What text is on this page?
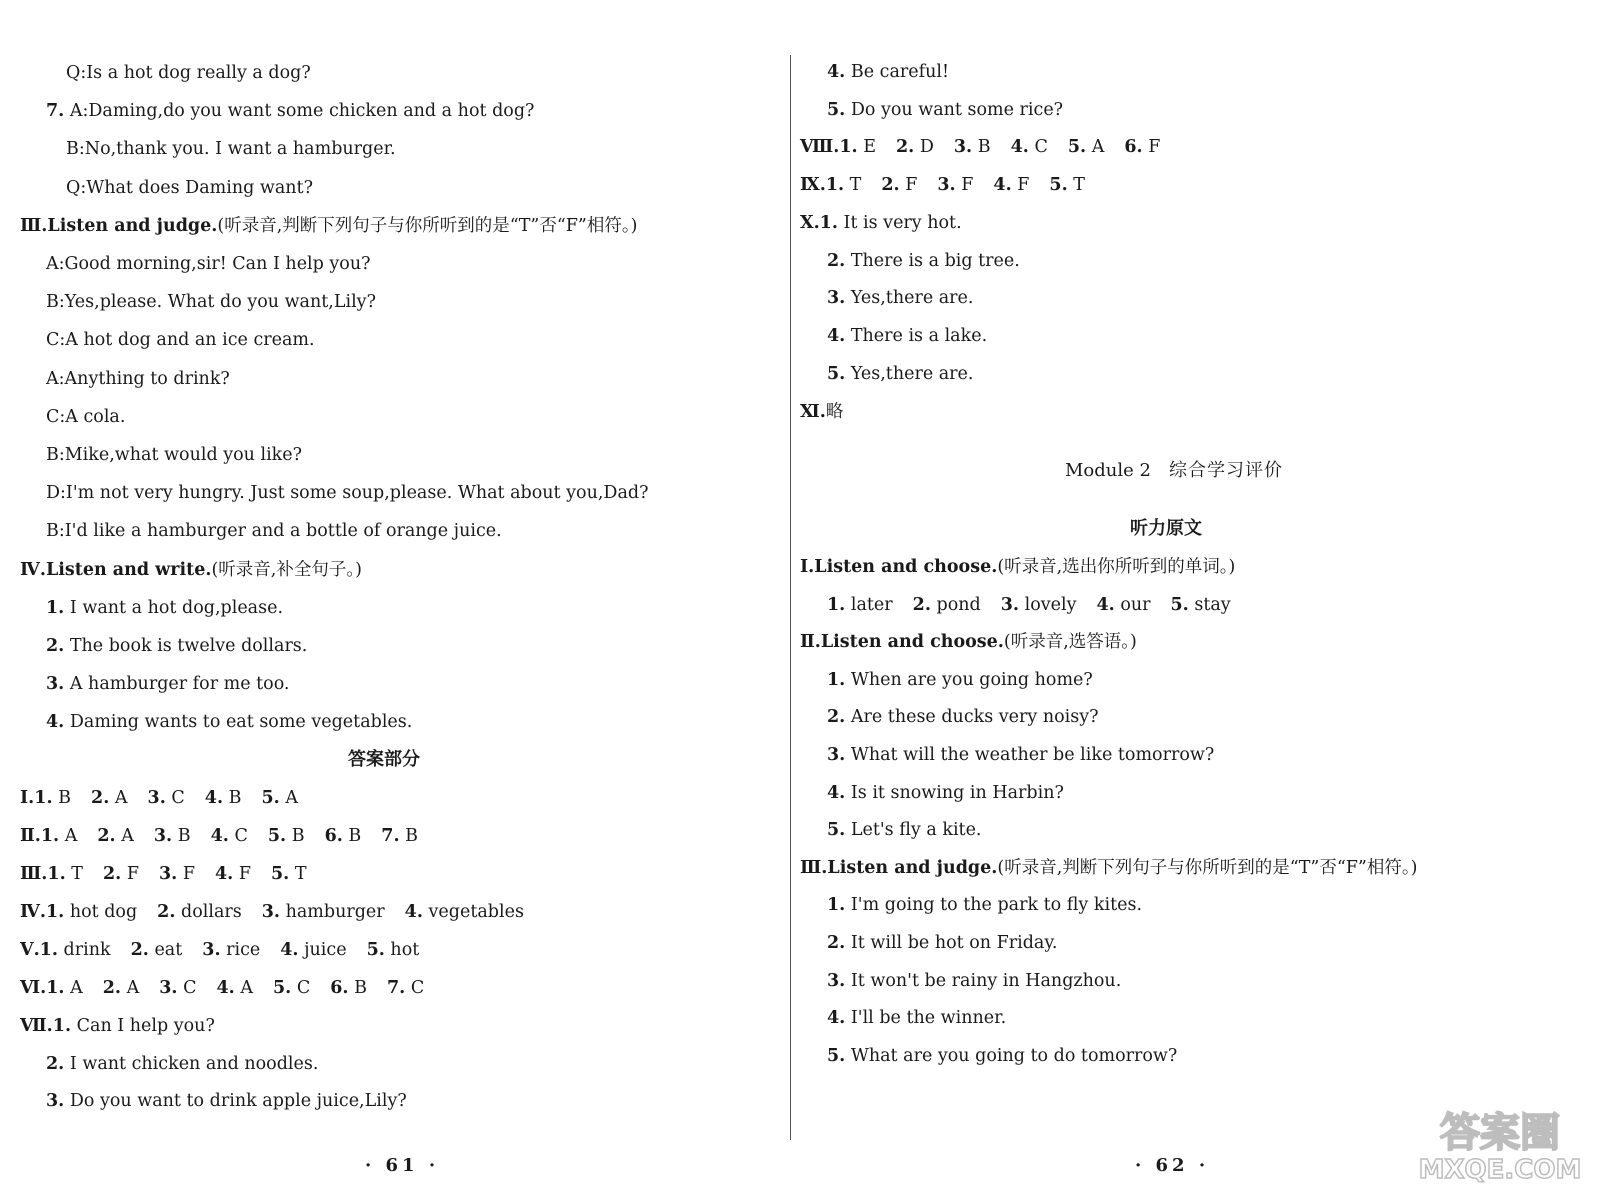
Q:Is a hot dog really a dog?
7. A:Daming,do you want some chicken and a hot dog?
B:No,thank you. I want a hamburger.
Q:What does Daming want?
Ⅲ.Listen and judge.(听录音,判断下列句子与你所听到的是“T”否“F”相符。)
A:Good morning,sir! Can I help you?
B:Yes,please. What do you want,Lily?
C:A hot dog and an ice cream.
A:Anything to drink?
C:A cola.
B:Mike,what would you like?
D:I'm not very hungry. Just some soup,please. What about you,Dad?
B:I'd like a hamburger and a bottle of orange juice.
Ⅳ.Listen and write.(听录音,补全句子。)
1. I want a hot dog,please.
2. The book is twelve dollars.
3. A hamburger for me too.
4. Daming wants to eat some vegetables.
答案部分
Ⅰ.1. B 2. A 3. C 4. B 5. A
Ⅱ.1. A 2. A 3. B 4. C 5. B 6. B 7. B
Ⅲ.1. T 2. F 3. F 4. F 5. T
Ⅳ.1. hot dog 2. dollars 3. hamburger 4. vegetables
Ⅴ.1. drink 2. eat 3. rice 4. juice 5. hot
Ⅵ.1. A 2. A 3. C 4. A 5. C 6. B 7. C
Ⅶ.1. Can I help you?
2. I want chicken and noodles.
3. Do you want to drink apple juice,Lily?
4. Be careful!
5. Do you want some rice?
Ⅷ.1. E 2. D 3. B 4. C 5. A 6. F
Ⅸ.1. T 2. F 3. F 4. F 5. T
Ⅹ.1. It is very hot.
2. There is a big tree.
3. Yes,there are.
4. There is a lake.
5. Yes,there are.
Ⅺ.略
Module 2 综合学习评价
听力原文
Ⅰ.Listen and choose.(听录音,选出你所听到的单词。)
1. later 2. pond 3. lovely 4. our 5. stay
Ⅱ.Listen and choose.(听录音,选答语。)
1. When are you going home?
2. Are these ducks very noisy?
3. What will the weather be like tomorrow?
4. Is it snowing in Harbin?
5. Let's fly a kite.
Ⅲ.Listen and judge.(听录音,判断下列句子与你所听到的是“T”否“F”相符。)
1. I'm going to the park to fly kites.
2. It will be hot on Friday.
3. It won't be rainy in Hangzhou.
4. I'll be the winner.
5. What are you going to do tomorrow?
· 61 ·	· 62 ·
答案圈
MXQE.COM
